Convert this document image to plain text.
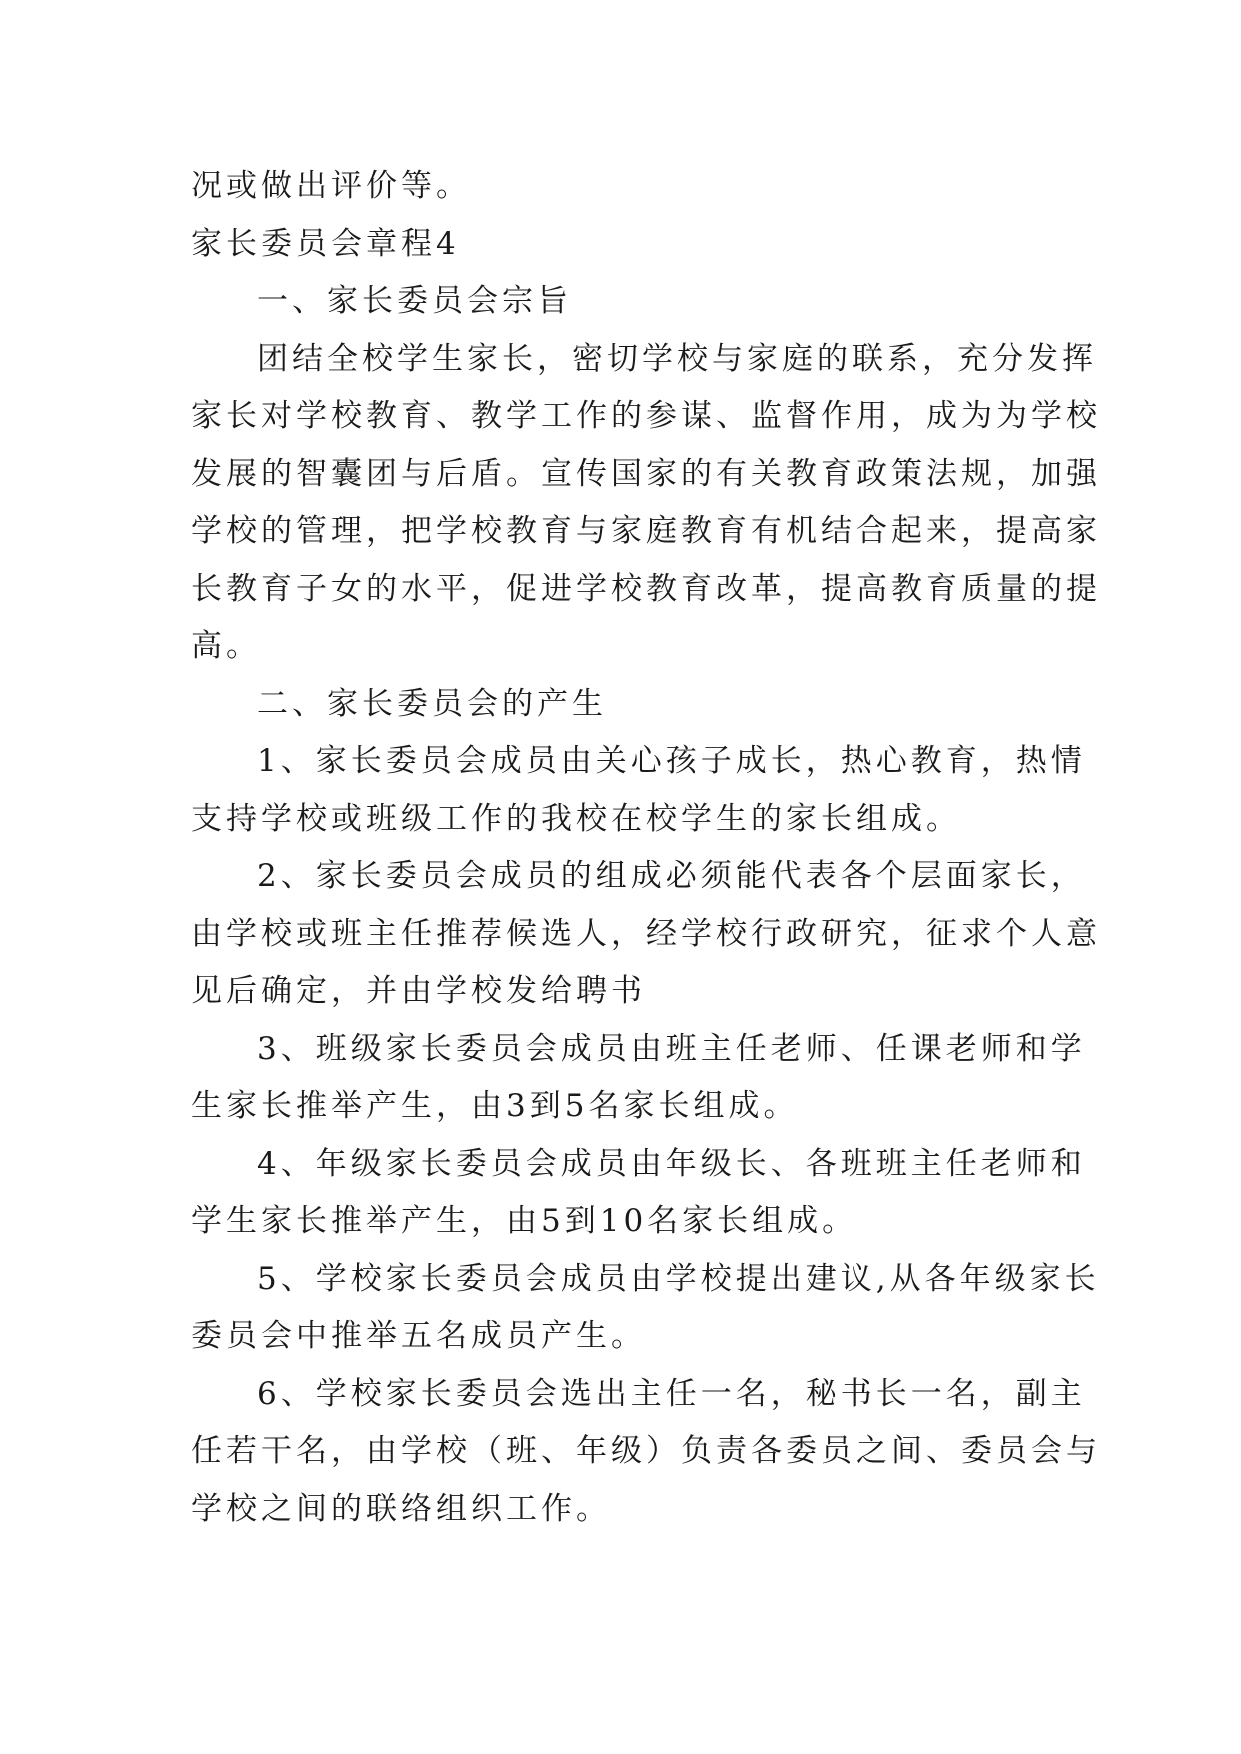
况或做出评价等。
家长委员会章程4
一、家长委员会宗旨
团结全校学生家长，密切学校与家庭的联系，充分发挥
家长对学校教育、教学工作的参谋、监督作用，成为为学校
发展的智囊团与后盾。宣传国家的有关教育政策法规，加强
学校的管理，把学校教育与家庭教育有机结合起来，提高家
长教育子女的水平，促进学校教育改革，提高教育质量的提
高。
二、家长委员会的产生
1、家长委员会成员由关心孩子成长，热心教育，热情
支持学校或班级工作的我校在校学生的家长组成。
2、家长委员会成员的组成必须能代表各个层面家长，
由学校或班主任推荐候选人，经学校行政研究，征求个人意
见后确定，并由学校发给聘书
3、班级家长委员会成员由班主任老师、任课老师和学
生家长推举产生，由3到5名家长组成。
4、年级家长委员会成员由年级长、各班班主任老师和
学生家长推举产生，由5到10名家长组成。
5、学校家长委员会成员由学校提出建议,从各年级家长
委员会中推举五名成员产生。
6、学校家长委员会选出主任一名，秘书长一名，副主
任若干名，由学校（班、年级）负责各委员之间、委员会与
学校之间的联络组织工作。
